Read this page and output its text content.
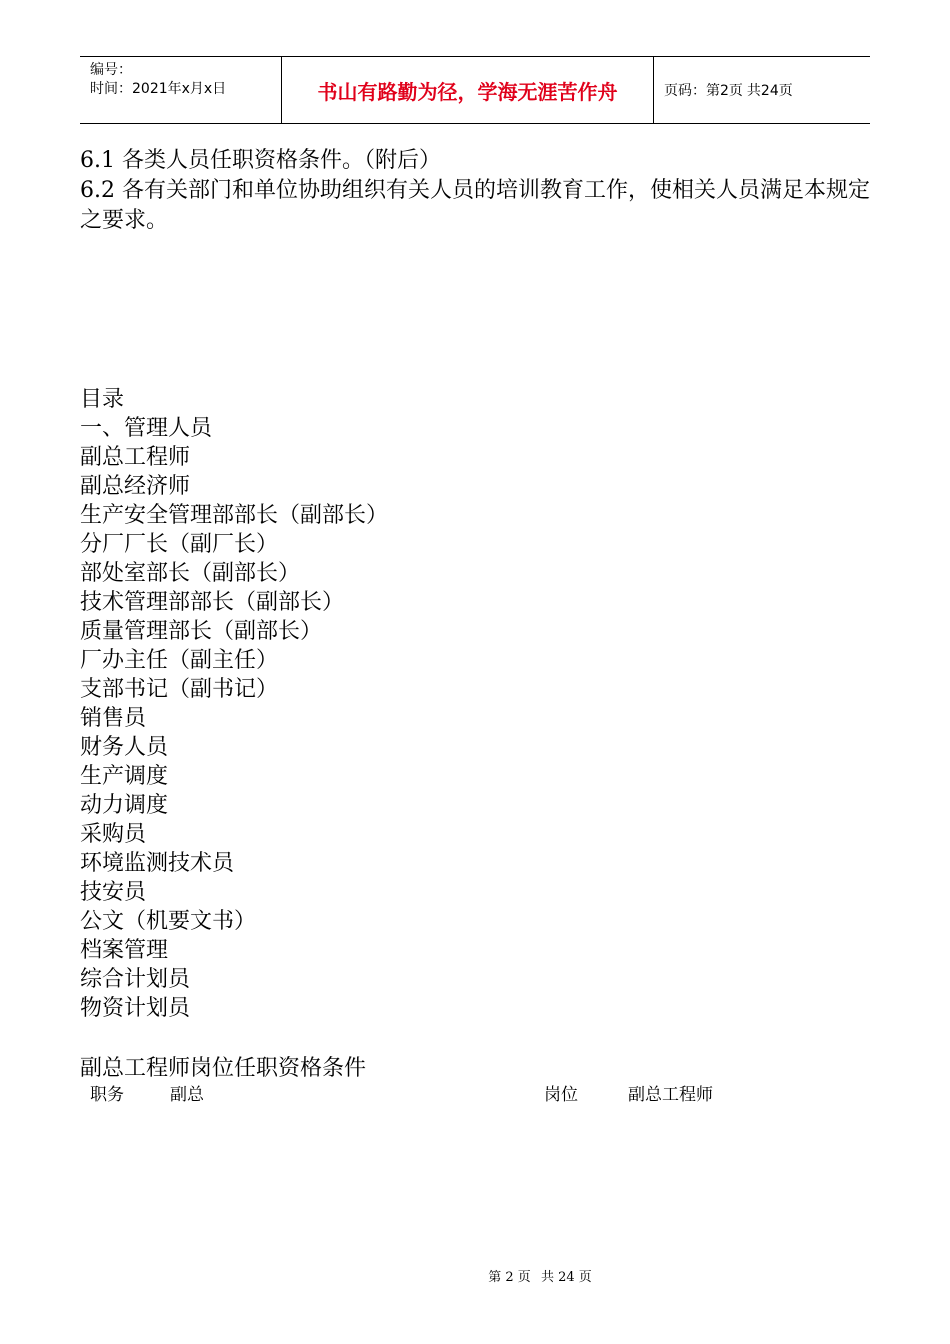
编号：
时间：2021年x月x日	书山有路勤为径，学海无涯苦作舟	页码：第2页 共24页

6.1 各类人员任职资格条件。（附后）

6.2 各有关部门和单位协助组织有关人员的培训教育工作，使相关人员满足本规定之要求。

目录
一、管理人员
副总工程师
副总经济师
生产安全管理部部长（副部长）
分厂厂长（副厂长）
部处室部长（副部长）
技术管理部部长（副部长）
质量管理部长（副部长）
厂办主任（副主任）
支部书记（副书记）
销售员
财务人员
生产调度
动力调度
采购员
环境监测技术员
技安员
公文（机要文书）
档案管理
综合计划员
物资计划员
副总工程师岗位任职资格条件
职务	副总	岗位	副总工程师
第 2 页 共 24 页
